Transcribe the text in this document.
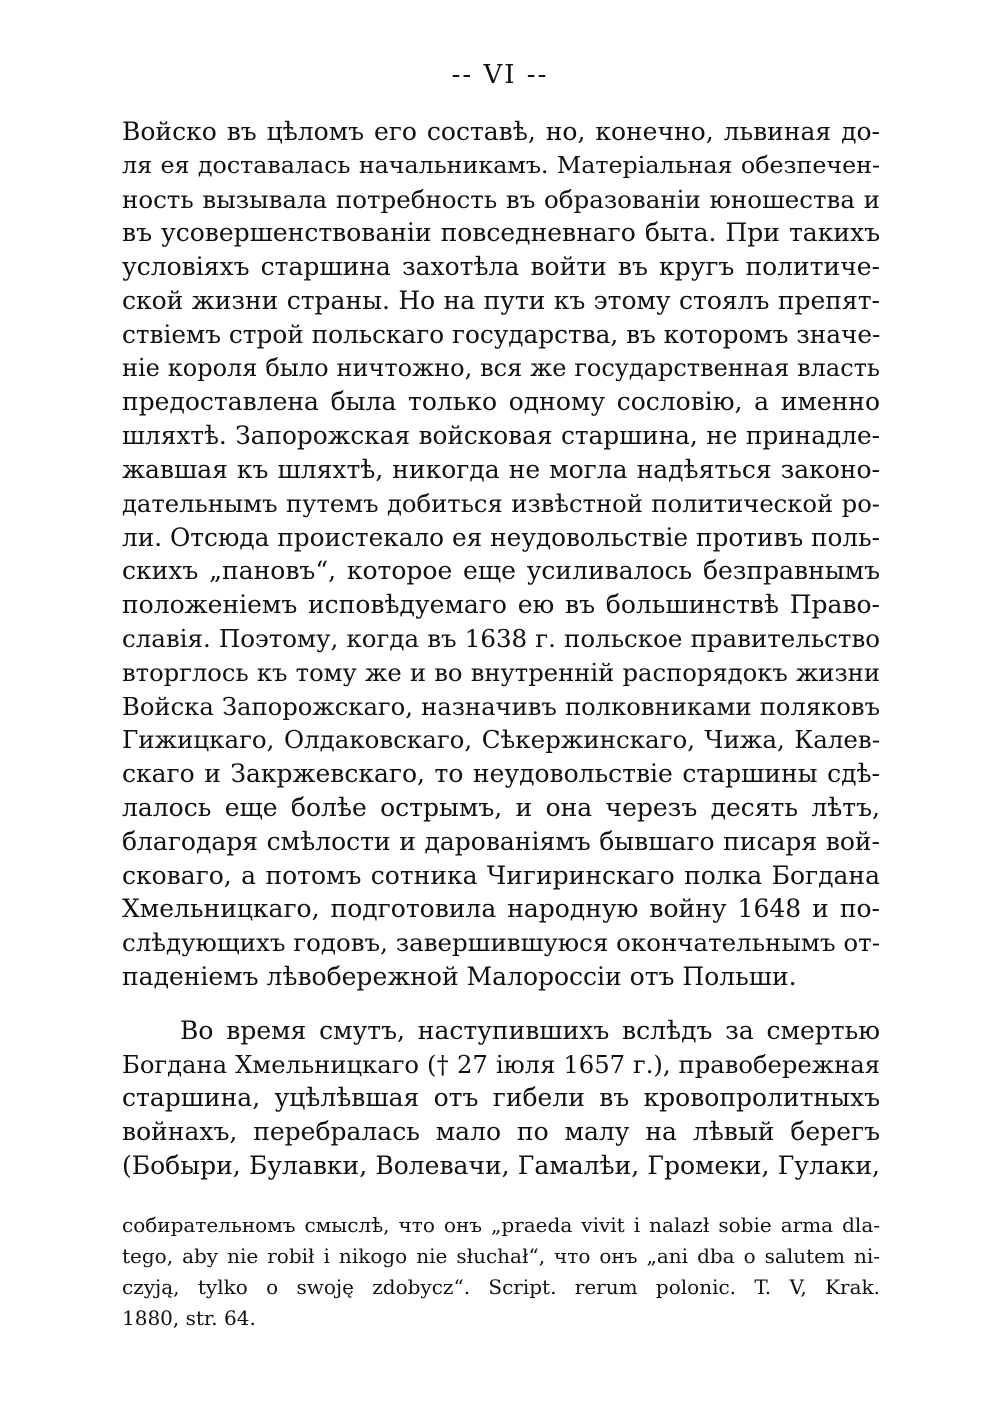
-- VI --

Войско въ цѣломъ его составѣ, но, конечно, львиная до-
ля ея доставалась начальникамъ. Матеріальная обезпечен-
ность вызывала потребность въ образованіи юношества и
въ усовершенствованіи повседневнаго быта. При такихъ
условіяхъ старшина захотѣла войти въ кругъ политиче-
ской жизни страны. Но на пути къ этому стоялъ препят-
ствіемъ строй польскаго государства, въ которомъ значе-
ніе короля было ничтожно, вся же государственная власть
предоставлена была только одному сословію, а именно
шляхтѣ. Запорожская войсковая старшина, не принадле-
жавшая къ шляхтѣ, никогда не могла надѣяться законо-
дательнымъ путемъ добиться извѣстной политической ро-
ли. Отсюда проистекало ея неудовольствіе противъ поль-
скихъ „пановъ“, которое еще усиливалось безправнымъ
положеніемъ исповѣдуемаго ею въ большинствѣ Право-
славія. Поэтому, когда въ 1638 г. польское правительство
вторглось къ тому же и во внутренній распорядокъ жизни
Войска Запорожскаго, назначивъ полковниками поляковъ
Гижицкаго, Олдаковскаго, Сѣкержинскаго, Чижа, Калев-
скаго и Закржевскаго, то неудовольствіе старшины сдѣ-
лалось еще болѣе острымъ, и она черезъ десять лѣтъ,
благодаря смѣлости и дарованіямъ бывшаго писаря вой-
сковаго, а потомъ сотника Чигиринскаго полка Богдана
Хмельницкаго, подготовила народную войну 1648 и по-
слѣдующихъ годовъ, завершившуюся окончательнымъ от-
паденіемъ лѣвобережной Малороссіи отъ Польши.
Во время смутъ, наступившихъ вслѣдъ за смертью
Богдана Хмельницкаго († 27 іюля 1657 г.), правобережная
старшина, уцѣлѣвшая отъ гибели въ кровопролитныхъ
войнахъ, перебралась мало по малу на лѣвый берегъ
(Бобыри, Булавки, Волевачи, Гамалѣи, Громеки, Гулаки,
собирательномъ смыслѣ, что онъ „praeda vivit i nalazł sobie arma dla-
tego, aby nie robił i nikogo nie słuchał“, что онъ „ani dba o salutem ni-
czyją, tylko o swoję zdobycz“. Script. rerum polonic. T. V, Krak.
1880, str. 64.
